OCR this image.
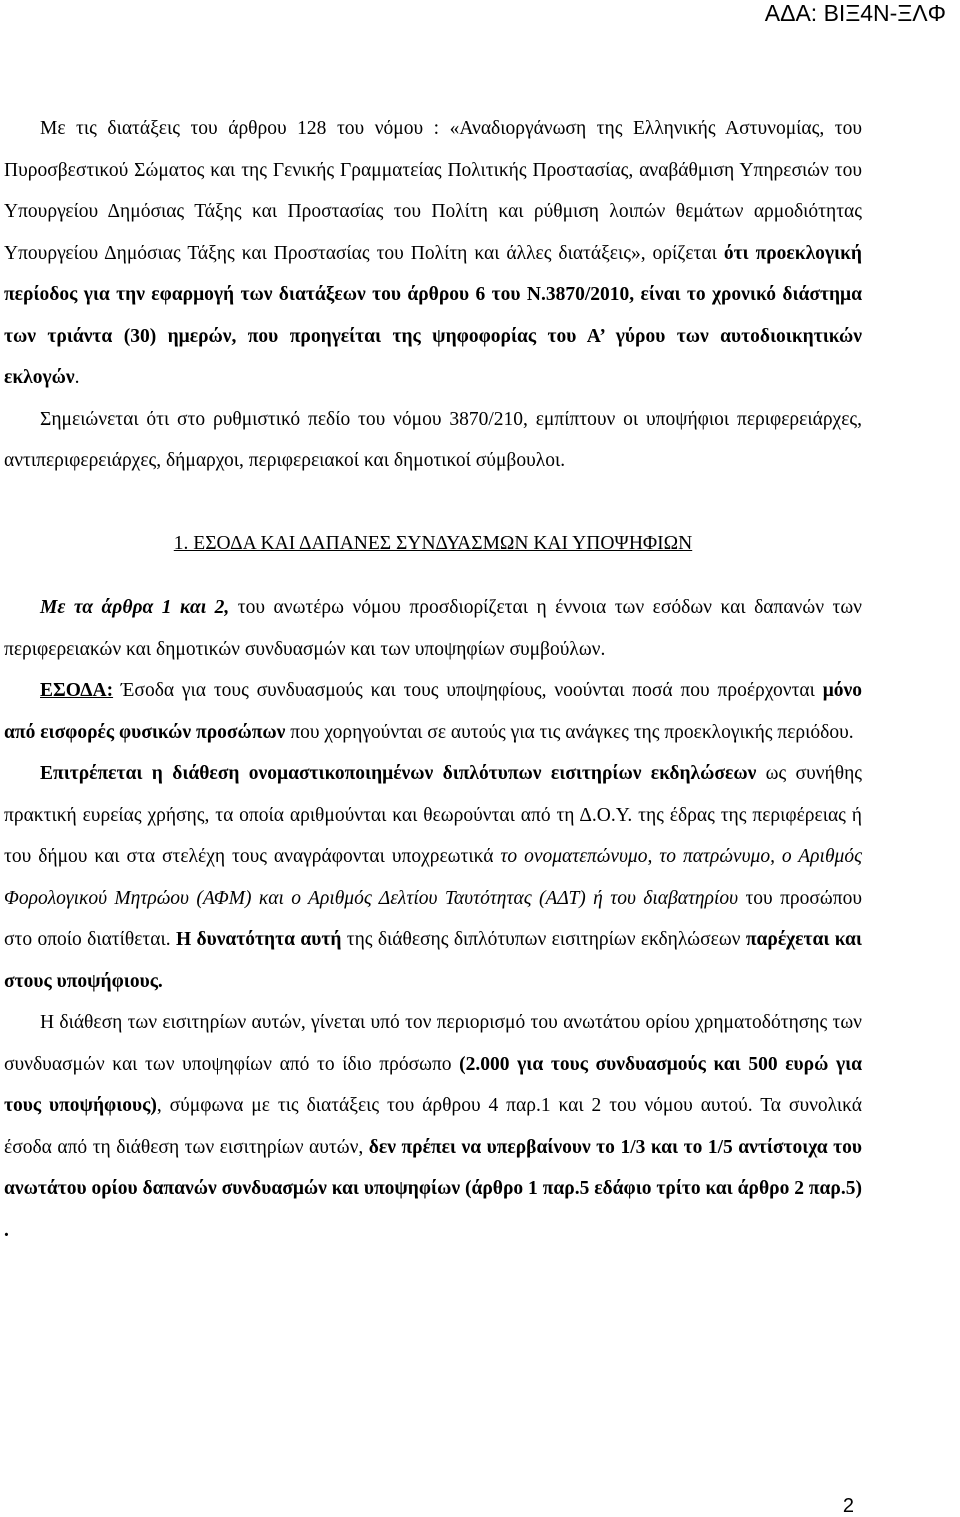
ΑΔΑ: ΒΙΞ4Ν-ΞΛΦ

Με τις διατάξεις του άρθρου 128 του νόμου : «Αναδιοργάνωση της Ελληνικής Αστυνομίας, του Πυροσβεστικού Σώματος και της Γενικής Γραμματείας Πολιτικής Προστασίας, αναβάθμιση Υπηρεσιών του Υπουργείου Δημόσιας Τάξης και Προστασίας του Πολίτη και ρύθμιση λοιπών θεμάτων αρμοδιότητας Υπουργείου Δημόσιας Τάξης και Προστασίας του Πολίτη και άλλες διατάξεις», ορίζεται ότι προεκλογική περίοδος για την εφαρμογή των διατάξεων του άρθρου 6 του Ν.3870/2010, είναι το χρονικό διάστημα των τριάντα (30) ημερών, που προηγείται της ψηφοφορίας του Α’ γύρου των αυτοδιοικητικών εκλογών.

Σημειώνεται ότι στο ρυθμιστικό πεδίο του νόμου 3870/210, εμπίπτουν οι υποψήφιοι περιφερειάρχες, αντιπεριφερειάρχες, δήμαρχοι, περιφερειακοί και δημοτικοί σύμβουλοι.

1. ΕΣΟΔΑ ΚΑΙ ΔΑΠΑΝΕΣ ΣΥΝΔΥΑΣΜΩΝ ΚΑΙ ΥΠΟΨΗΦΙΩΝ

Με τα άρθρα 1 και 2, του ανωτέρω νόμου προσδιορίζεται η έννοια των εσόδων και δαπανών των περιφερειακών και δημοτικών συνδυασμών και των υποψηφίων συμβούλων.

ΕΣΟΔΑ: Έσοδα για τους συνδυασμούς και τους υποψηφίους, νοούνται ποσά που προέρχονται μόνο από εισφορές φυσικών προσώπων που χορηγούνται σε αυτούς για τις ανάγκες της προεκλογικής περιόδου.

Επιτρέπεται η διάθεση ονομαστικοποιημένων διπλότυπων εισιτηρίων εκδηλώσεων ως συνήθης πρακτική ευρείας χρήσης, τα οποία αριθμούνται και θεωρούνται από τη Δ.Ο.Υ. της έδρας της περιφέρειας ή του δήμου και στα στελέχη τους αναγράφονται υποχρεωτικά το ονοματεπώνυμο, το πατρώνυμο, ο Αριθμός Φορολογικού Μητρώου (ΑΦΜ) και ο Αριθμός Δελτίου Ταυτότητας (ΑΔΤ) ή του διαβατηρίου του προσώπου στο οποίο διατίθεται. Η δυνατότητα αυτή της διάθεσης διπλότυπων εισιτηρίων εκδηλώσεων παρέχεται και στους υποψήφιους.

Η διάθεση των εισιτηρίων αυτών, γίνεται υπό τον περιορισμό του ανωτάτου ορίου χρηματοδότησης των συνδυασμών και των υποψηφίων από το ίδιο πρόσωπο (2.000 για τους συνδυασμούς και 500 ευρώ για τους υποψήφιους), σύμφωνα με τις διατάξεις του άρθρου 4 παρ.1 και 2 του νόμου αυτού. Τα συνολικά έσοδα από τη διάθεση των εισιτηρίων αυτών, δεν πρέπει να υπερβαίνουν το 1/3 και το 1/5 αντίστοιχα του ανωτάτου ορίου δαπανών συνδυασμών και υποψηφίων (άρθρο 1 παρ.5 εδάφιο τρίτο και άρθρο 2 παρ.5) .

2
